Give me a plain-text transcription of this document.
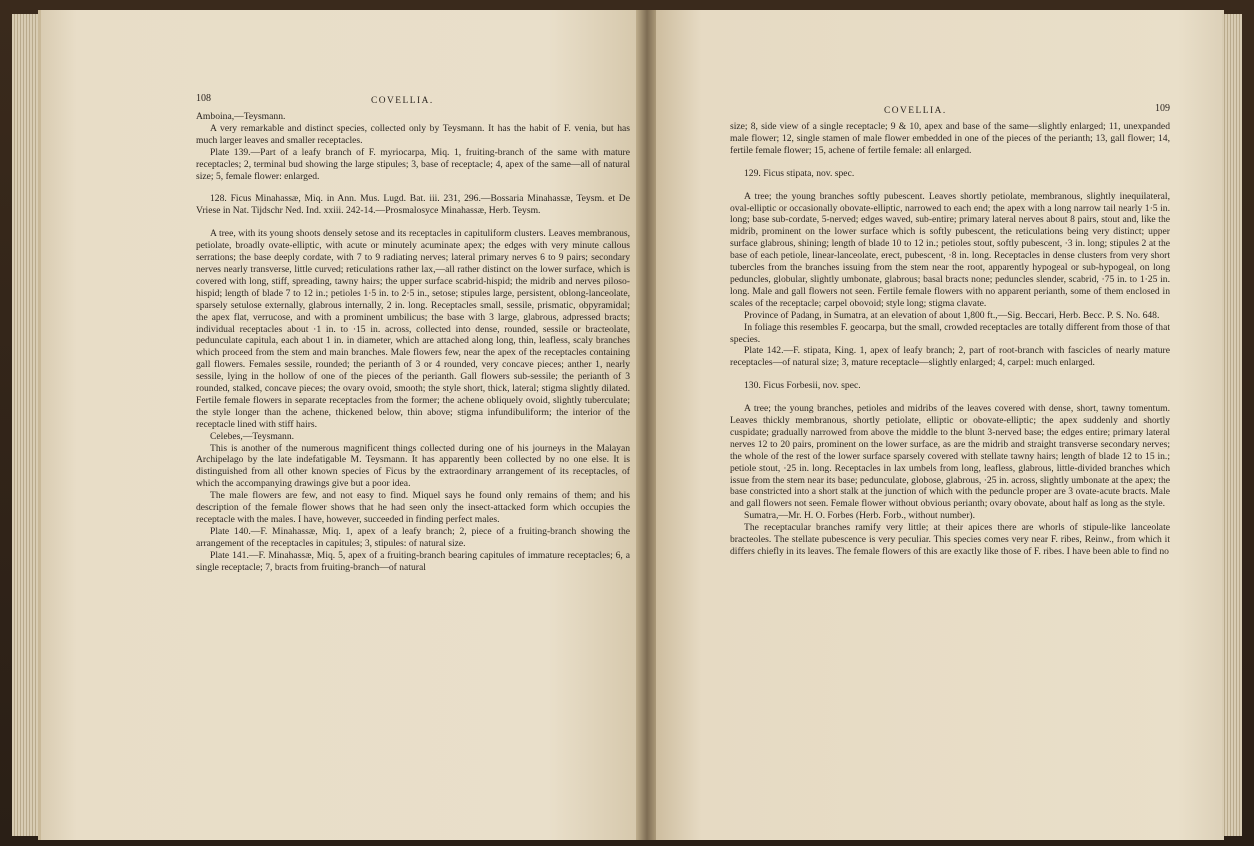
108	COVELLIA.

Amboina,—Teysmann.

A very remarkable and distinct species, collected only by Teysmann. It has the habit of F. venia, but has much larger leaves and smaller receptacles.

Plate 139.—Part of a leafy branch of F. myriocarpa, Miq. 1, fruiting-branch of the same with mature receptacles; 2, terminal bud showing the large stipules; 3, base of receptacle; 4, apex of the same—all of natural size; 5, female flower: enlarged.

128. Ficus Minahassæ, Miq. in Ann. Mus. Lugd. Bat. iii. 231, 296.—Bossaria Minahassæ, Teysm. et De Vriese in Nat. Tijdschr Ned. Ind. xxiii. 242-14.—Prosmalosyce Minahassæ, Herb. Teysm.

A tree, with its young shoots densely setose and its receptacles in capituliform clusters. Leaves membranous, petiolate, broadly ovate-elliptic, with acute or minutely acuminate apex; the edges with very minute callous serrations; the base deeply cordate, with 7 to 9 radiating nerves; lateral primary nerves 6 to 9 pairs; secondary nerves nearly transverse, little curved; reticulations rather lax,—all rather distinct on the lower surface, which is covered with long, stiff, spreading, tawny hairs; the upper surface scabrid-hispid; the midrib and nerves piloso-hispid; length of blade 7 to 12 in.; petioles 1·5 in. to 2·5 in., setose; stipules large, persistent, oblong-lanceolate, sparsely setulose externally, glabrous internally, 2 in. long. Receptacles small, sessile, prismatic, obpyramidal; the apex flat, verrucose, and with a prominent umbilicus; the base with 3 large, glabrous, adpressed bracts; individual receptacles about ·1 in. to ·15 in. across, collected into dense, rounded, sessile or bracteolate, pedunculate capitula, each about 1 in. in diameter, which are attached along long, thin, leafless, scaly branches which proceed from the stem and main branches. Male flowers few, near the apex of the receptacles containing gall flowers. Females sessile, rounded; the perianth of 3 or 4 rounded, very concave pieces; anther 1, nearly sessile, lying in the hollow of one of the pieces of the perianth. Gall flowers sub-sessile; the perianth of 3 rounded, stalked, concave pieces; the ovary ovoid, smooth; the style short, thick, lateral; stigma slightly dilated. Fertile female flowers in separate receptacles from the former; the achene obliquely ovoid, slightly tuberculate; the style longer than the achene, thickened below, thin above; stigma infundibuliform; the interior of the receptacle lined with stiff hairs.

Celebes,—Teysmann.

This is another of the numerous magnificent things collected during one of his journeys in the Malayan Archipelago by the late indefatigable M. Teysmann. It has apparently been collected by no one else. It is distinguished from all other known species of Ficus by the extraordinary arrangement of its receptacles, of which the accompanying drawings give but a poor idea.

The male flowers are few, and not easy to find. Miquel says he found only remains of them; and his description of the female flower shows that he had seen only the insect-attacked form which occupies the receptacle with the males. I have, however, succeeded in finding perfect males.

Plate 140.—F. Minahassæ, Miq. 1, apex of a leafy branch; 2, piece of a fruiting-branch showing the arrangement of the receptacles in capitules; 3, stipules: of natural size.

Plate 141.—F. Minahassæ, Miq. 5, apex of a fruiting-branch bearing capitules of immature receptacles; 6, a single receptacle; 7, bracts from fruiting-branch—of natural

COVELLIA.	109

size; 8, side view of a single receptacle; 9 & 10, apex and base of the same—slightly enlarged; 11, unexpanded male flower; 12, single stamen of male flower embedded in one of the pieces of the perianth; 13, gall flower; 14, fertile female flower; 15, achene of fertile female: all enlarged.

129. Ficus stipata, nov. spec.

A tree; the young branches softly pubescent. Leaves shortly petiolate, membranous, slightly inequilateral, oval-elliptic or occasionally obovate-elliptic, narrowed to each end; the apex with a long narrow tail nearly 1·5 in. long; base sub-cordate, 5-nerved; edges waved, sub-entire; primary lateral nerves about 8 pairs, stout and, like the midrib, prominent on the lower surface which is softly pubescent, the reticulations being very distinct; upper surface glabrous, shining; length of blade 10 to 12 in.; petioles stout, softly pubescent, ·3 in. long; stipules 2 at the base of each petiole, linear-lanceolate, erect, pubescent, ·8 in. long. Receptacles in dense clusters from very short tubercles from the branches issuing from the stem near the root, apparently hypogeal or sub-hypogeal, on long peduncles, globular, slightly umbonate, glabrous; basal bracts none; peduncles slender, scabrid, ·75 in. to 1·25 in. long. Male and gall flowers not seen. Fertile female flowers with no apparent perianth, some of them enclosed in scales of the receptacle; carpel obovoid; style long; stigma clavate.

Province of Padang, in Sumatra, at an elevation of about 1,800 ft.,—Sig. Beccari, Herb. Becc. P. S. No. 648.

In foliage this resembles F. geocarpa, but the small, crowded receptacles are totally different from those of that species.

Plate 142.—F. stipata, King. 1, apex of leafy branch; 2, part of root-branch with fascicles of nearly mature receptacles—of natural size; 3, mature receptacle—slightly enlarged; 4, carpel: much enlarged.

130. Ficus Forbesii, nov. spec.

A tree; the young branches, petioles and midribs of the leaves covered with dense, short, tawny tomentum. Leaves thickly membranous, shortly petiolate, elliptic or obovate-elliptic; the apex suddenly and shortly cuspidate; gradually narrowed from above the middle to the blunt 3-nerved base; the edges entire; primary lateral nerves 12 to 20 pairs, prominent on the lower surface, as are the midrib and straight transverse secondary nerves; the whole of the rest of the lower surface sparsely covered with stellate tawny hairs; length of blade 12 to 15 in.; petiole stout, ·25 in. long. Receptacles in lax umbels from long, leafless, glabrous, little-divided branches which issue from the stem near its base; pedunculate, globose, glabrous, ·25 in. across, slightly umbonate at the apex; the base constricted into a short stalk at the junction of which with the peduncle proper are 3 ovate-acute bracts. Male and gall flowers not seen. Female flower without obvious perianth; ovary obovate, about half as long as the style.

Sumatra,—Mr. H. O. Forbes (Herb. Forb., without number).

The receptacular branches ramify very little; at their apices there are whorls of stipule-like lanceolate bracteoles. The stellate pubescence is very peculiar. This species comes very near F. ribes, Reinw., from which it differs chiefly in its leaves. The female flowers of this are exactly like those of F. ribes. I have been able to find no
